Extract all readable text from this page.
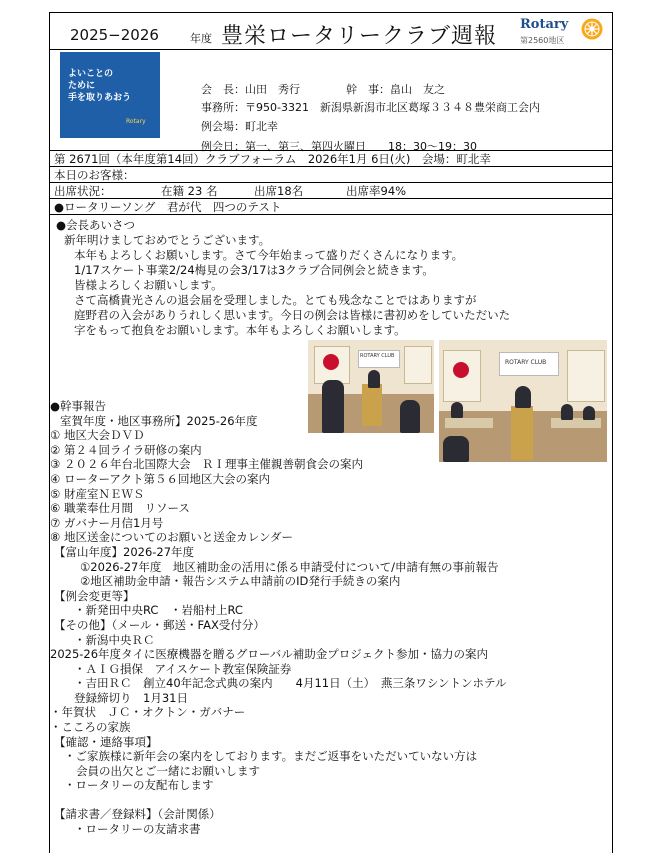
2025−2026	年度 豊栄ロータリークラブ週報 Rotary
第2560地区
よいことの
ために
手を取りあおう
Rotary
会　長：山田　秀行	幹　事：畠山　友之
事務所：〒950-3321　新潟県新潟市北区葛塚３３４８豊栄商工会内
例会場：町北幸
例会日：第一、第三、第四火曜日　　18：30〜19：30
第 2671回（本年度第14回）クラブフォーラム　2026年1月 6日(火)　会場：町北幸
本日のお客様：
出席状況：	在籍 23 名	出席18名	出席率94%
●ロータリーソング　君が代　四つのテスト
●会長あいさつ
新年明けましておめでとうございます。
本年もよろしくお願いします。さて今年始まって盛りだくさんになります。
1/17スケート事業2/24梅見の会3/17は3クラブ合同例会と続きます。
皆様よろしくお願いします。
さて高橋貴光さんの退会届を受理しました。とても残念なことではありますが
庭野君の入会がありうれしく思います。今日の例会は皆様に書初めをしていただいた
字をもって抱負をお願いします。本年もよろしくお願いします。
ROTARY CLUB
ROTARY CLUB
●幹事報告
室賀年度・地区事務所】2025-26年度
① 地区大会ＤＶＤ
② 第２４回ライラ研修の案内
③ ２０２６年台北国際大会　ＲＩ理事主催親善朝食会の案内
④ ローターアクト第５６回地区大会の案内
⑤ 財産室ＮＥＷＳ
⑥ 職業奉仕月間　リソース
⑦ ガバナー月信1月号
⑧ 地区送金についてのお願いと送金カレンダー
【富山年度】2026-27年度
①2026-27年度　地区補助金の活用に係る申請受付について/申請有無の事前報告
②地区補助金申請・報告システム申請前のID発行手続きの案内
【例会変更等】
・新発田中央RC　・岩船村上RC
【その他】（メール・郵送・FAX受付分）
・新潟中央ＲＣ
2025-26年度タイに医療機器を贈るグローバル補助金プロジェクト参加・協力の案内
・ＡＩＧ損保　アイスケート教室保険証券
・吉田ＲＣ　創立40年記念式典の案内　　4月11日（土）　燕三条ワシントンホテル
登録締切り　1月31日
・年賀状　ＪＣ・オクトン・ガバナー
・こころの家族
【確認・連絡事項】
・ご家族様に新年会の案内をしております。まだご返事をいただいていない方は
会員の出欠とご一緒にお願いします
・ロータリーの友配布します
【請求書／登録料】（会計関係）
・ロータリーの友請求書
